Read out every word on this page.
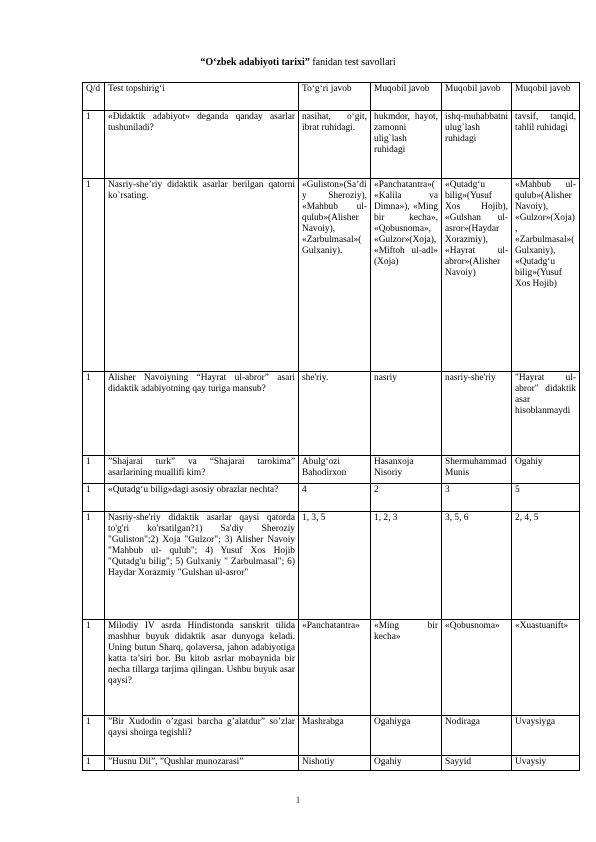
“O‘zbek adabiyoti tarixi” fanidan test savollari
Q/d	Test topshirig‘i	To‘g‘ri javob	Muqobil javob	Muqobil javob	Muqobil javob
1	«Didaktik adabiyot» deganda qanday asarlar tushuniladi?	nasihat, o‘git, ibrat ruhidagi.	hukmdor, hayot, zamonni ulig`lash ruhidagi	ishq-muhabbatni ulug`lash ruhidagi	tavsif, tanqid, tahlil ruhidagi
1	Nasriy-she’riy didaktik asarlar berilgan qatorni ko`rsating.	«Guliston»(Sa’diy Sheroziy), «Mahbub ul-qulub»(Alisher Navoiy), «Zarbulmasal»(Gulxaniy).	«Panchatantra»(«Kalila va Dimna»), «Ming bir kecha», «Qobusnoma», «Gulzor»(Xoja), «Miftoh ul-adl» (Xoja)	«Qutadg‘u bilig»(Yusuf Xos Hojib), «Gulshan ul-asror»(Haydar Xorazmiy), «Hayrat ul-abror»(Alisher Navoiy)	«Mahbub ul-qulub»(Alisher Navoiy), «Gulzor»(Xoja), «Zarbulmasal»(Gulxaniy), «Qutadg‘u bilig»(Yusuf Xos Hojib)
1	Alisher Navoiyning “Hayrat ul-abror” asari didaktik adabiyotning qay turiga mansub?	she'riy.	nasriy	nasriy-she'riy	"Hayrat ul-abror" didaktik asar hisoblanmaydi
1	”Shajarai turk” va “Shajarai tarokima” asarlarining muallifi kim?	Abulg‘ozi Bahodirxon	Hasanxoja Nisoriy	Shermuhammad Munis	Ogahiy
1	«Qutadg‘u bilig»dagi asosiy obrazlar nechta?	4	2	3	5
1	Nasriy-she'riy didaktik asarlar qaysi qatorda to'g'ri ko'rsatilgan?1) Sa'diy Sheroziy "Guliston";2) Xoja "Gulzor"; 3) Alisher Navoiy "Mahbub ul- qulub"; 4) Yusuf Xos Hojib "Qutadg'u bilig"; 5) Gulxaniy " Zarbulmasal"; 6) Haydar Xorazmiy "Gulshan ul-asror"	1, 3, 5	1, 2, 3	3, 5, 6	2, 4, 5
1	Milodiy IV asrda Hindistonda sanskrit tilida mashhur buyuk didaktik asar dunyoga keladi. Uning butun Sharq, qolaversa, jahon adabiyotiga katta ta’siri bor. Bu kitob asrlar mobaynida bir necha tillarga tarjima qilingan. Ushbu buyuk asar qaysi?	«Panchatantra»	«Ming bir kecha»	«Qobusnoma»	«Xuastuanift»
1	”Bir Xudodin o’zgasi barcha g’alatdur” so’zlar qaysi shoirga tegishli?	Mashrabga	Ogahiyga	Nodiraga	Uvaysiyga
1	”Husnu Dil”, ”Qushlar munozarasi”	Nishotiy	Ogahiy	Sayyid	Uvaysiy
1
